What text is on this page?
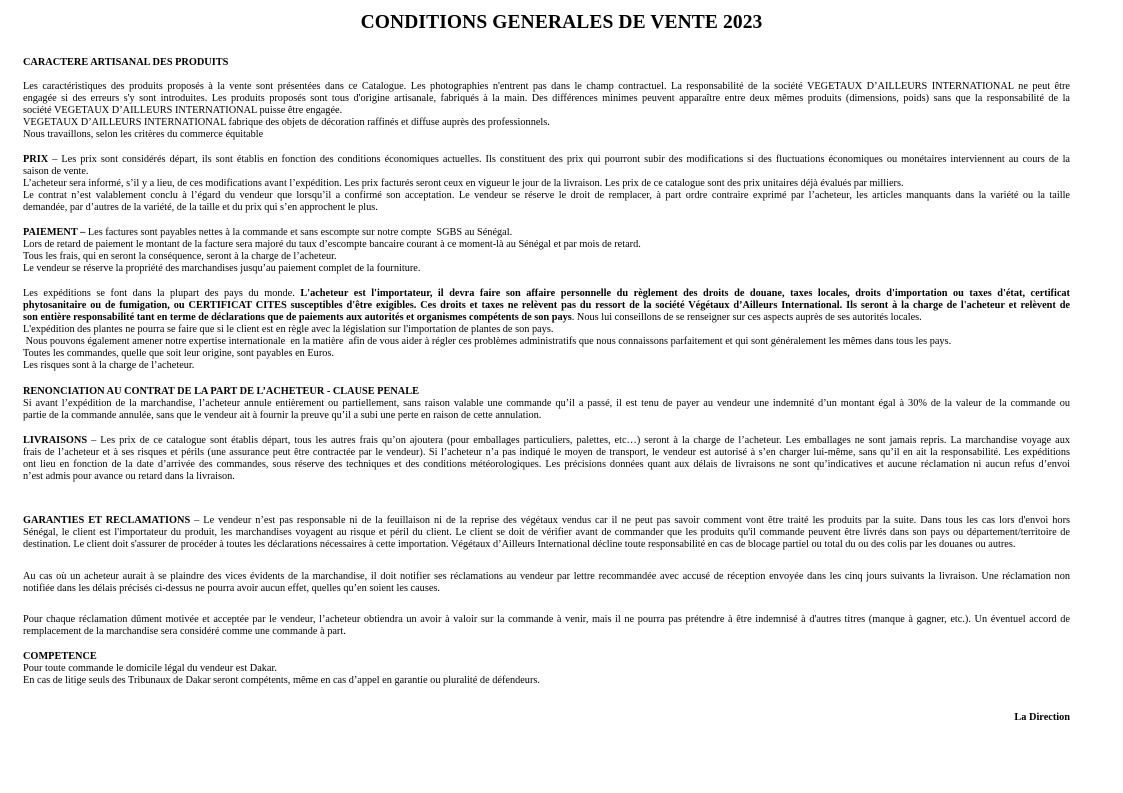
CONDITIONS GENERALES DE VENTE 2023
CARACTERE ARTISANAL DES PRODUITS
Les caractéristiques des produits proposés à la vente sont présentées dans ce Catalogue. Les photographies n'entrent pas dans le champ contractuel. La responsabilité de la société VEGETAUX D’AILLEURS INTERNATIONAL ne peut être
engagée si des erreurs s'y sont introduites. Les produits proposés sont tous d'origine artisanale, fabriqués à la main. Des différences minimes peuvent apparaître entre deux mêmes produits (dimensions, poids) sans que la responsabilité de la
société VEGETAUX D’AILLEURS INTERNATIONAL puisse être engagée.
VEGETAUX D’AILLEURS INTERNATIONAL fabrique des objets de décoration raffinés et diffuse auprès des professionnels.
Nous travaillons, selon les critères du commerce équitable
PRIX – Les prix sont considérés départ, ils sont établis en fonction des conditions économiques actuelles. Ils constituent des prix qui pourront subir des modifications si des fluctuations économiques ou monétaires interviennent au cours de la
saison de vente.
L’acheteur sera informé, s’il y a lieu, de ces modifications avant l’expédition. Les prix facturés seront ceux en vigueur le jour de la livraison. Les prix de ce catalogue sont des prix unitaires déjà évalués par milliers.
Le contrat n’est valablement conclu à l’égard du vendeur que lorsqu’il a confirmé son acceptation. Le vendeur se réserve le droit de remplacer, à part ordre contraire exprimé par l’acheteur, les articles manquants dans la variété ou la taille
demandée, par d’autres de la variété, de la taille et du prix qui s’en approchent le plus.
PAIEMENT – Les factures sont payables nettes à la commande et sans escompte sur notre compte  SGBS au Sénégal.
Lors de retard de paiement le montant de la facture sera majoré du taux d’escompte bancaire courant à ce moment-là au Sénégal et par mois de retard.
Tous les frais, qui en seront la conséquence, seront à la charge de l’acheteur.
Le vendeur se réserve la propriété des marchandises jusqu’au paiement complet de la fourniture.
Les expéditions se font dans la plupart des pays du monde. L'acheteur est l'importateur, il devra faire son affaire personnelle du règlement des droits de douane, taxes locales, droits d'importation ou taxes d'état, certificat
phytosanitaire ou de fumigation, ou CERTIFICAT CITES susceptibles d'être exigibles. Ces droits et taxes ne relèvent pas du ressort de la société Végétaux d’Ailleurs International. Ils seront à la charge de l'acheteur et relèvent de
son entière responsabilité tant en terme de déclarations que de paiements aux autorités et organismes compétents de son pays. Nous lui conseillons de se renseigner sur ces aspects auprès de ses autorités locales.
L'expédition des plantes ne pourra se faire que si le client est en règle avec la législation sur l'importation de plantes de son pays.
Nous pouvons également amener notre expertise internationale  en la matière  afin de vous aider à régler ces problèmes administratifs que nous connaissons parfaitement et qui sont généralement les mêmes dans tous les pays.
Toutes les commandes, quelle que soit leur origine, sont payables en Euros.
Les risques sont à la charge de l’acheteur.
RENONCIATION AU CONTRAT DE LA PART DE L’ACHETEUR - CLAUSE PENALE
Si avant l’expédition de la marchandise, l’acheteur annule entièrement ou partiellement, sans raison valable une commande qu’il a passé, il est tenu de payer au vendeur une indemnité d’un montant égal à 30% de la valeur de la commande ou
partie de la commande annulée, sans que le vendeur ait à fournir la preuve qu’il a subi une perte en raison de cette annulation.
LIVRAISONS – Les prix de ce catalogue sont établis départ, tous les autres frais qu’on ajoutera (pour emballages particuliers, palettes, etc…) seront à la charge de l’acheteur. Les emballages ne sont jamais repris. La marchandise voyage aux
frais de l’acheteur et à ses risques et périls (une assurance peut être contractée par le vendeur). Si l’acheteur n’a pas indiqué le moyen de transport, le vendeur est autorisé à s’en charger lui-même, sans qu’il en ait la responsabilité. Les expéditions
ont lieu en fonction de la date d’arrivée des commandes, sous réserve des techniques et des conditions météorologiques. Les précisions données quant aux délais de livraisons ne sont qu’indicatives et aucune réclamation ni aucun refus d’envoi
n’est admis pour avance ou retard dans la livraison.
GARANTIES ET RECLAMATIONS – Le vendeur n’est pas responsable ni de la feuillaison ni de la reprise des végétaux vendus car il ne peut pas savoir comment vont être traité les produits par la suite. Dans tous les cas lors d'envoi hors
Sénégal, le client est l'importateur du produit, les marchandises voyagent au risque et péril du client. Le client se doit de vérifier avant de commander que les produits qu'il commande peuvent être livrés dans son pays ou département/territoire de
destination. Le client doit s'assurer de procéder à toutes les déclarations nécessaires à cette importation. Végétaux d’Ailleurs International décline toute responsabilité en cas de blocage partiel ou total du ou des colis par les douanes ou autres.
Au cas où un acheteur aurait à se plaindre des vices évidents de la marchandise, il doit notifier ses réclamations au vendeur par lettre recommandée avec accusé de réception envoyée dans les cinq jours suivants la livraison. Une réclamation non
notifiée dans les délais précisés ci-dessus ne pourra avoir aucun effet, quelles qu’en soient les causes.
Pour chaque réclamation dûment motivée et acceptée par le vendeur, l’acheteur obtiendra un avoir à valoir sur la commande à venir, mais il ne pourra pas prétendre à être indemnisé à d'autres titres (manque à gagner, etc.). Un éventuel accord de
remplacement de la marchandise sera considéré comme une commande à part.
COMPETENCE
Pour toute commande le domicile légal du vendeur est Dakar.
En cas de litige seuls des Tribunaux de Dakar seront compétents, même en cas d’appel en garantie ou pluralité de défendeurs.
La Direction
